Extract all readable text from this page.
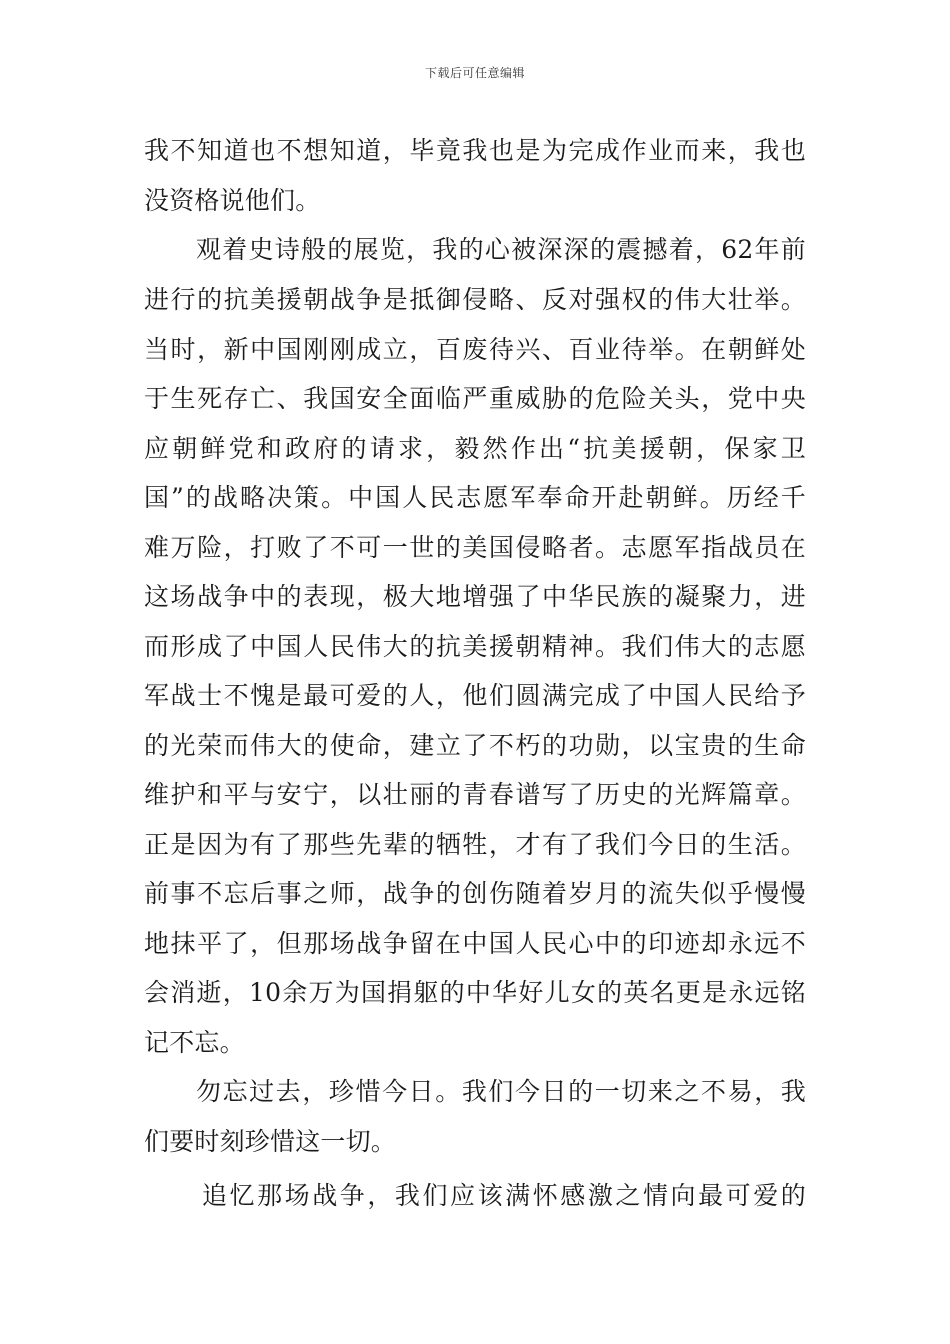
下载后可任意编辑
我不知道也不想知道，毕竟我也是为完成作业而来，我也
没资格说他们。
观着史诗般的展览，我的心被深深的震撼着，62年前
进行的抗美援朝战争是抵御侵略、反对强权的伟大壮举。
当时，新中国刚刚成立，百废待兴、百业待举。在朝鲜处
于生死存亡、我国安全面临严重威胁的危险关头，党中央
应朝鲜党和政府的请求，毅然作出“抗美援朝，保家卫
国”的战略决策。中国人民志愿军奉命开赴朝鲜。历经千
难万险，打败了不可一世的美国侵略者。志愿军指战员在
这场战争中的表现，极大地增强了中华民族的凝聚力，进
而形成了中国人民伟大的抗美援朝精神。我们伟大的志愿
军战士不愧是最可爱的人，他们圆满完成了中国人民给予
的光荣而伟大的使命，建立了不朽的功勋，以宝贵的生命
维护和平与安宁，以壮丽的青春谱写了历史的光辉篇章。
正是因为有了那些先辈的牺牲，才有了我们今日的生活。
前事不忘后事之师，战争的创伤随着岁月的流失似乎慢慢
地抹平了，但那场战争留在中国人民心中的印迹却永远不
会消逝，10余万为国捐躯的中华好儿女的英名更是永远铭
记不忘。
勿忘过去，珍惜今日。我们今日的一切来之不易，我
们要时刻珍惜这一切。
追忆那场战争，我们应该满怀感激之情向最可爱的
